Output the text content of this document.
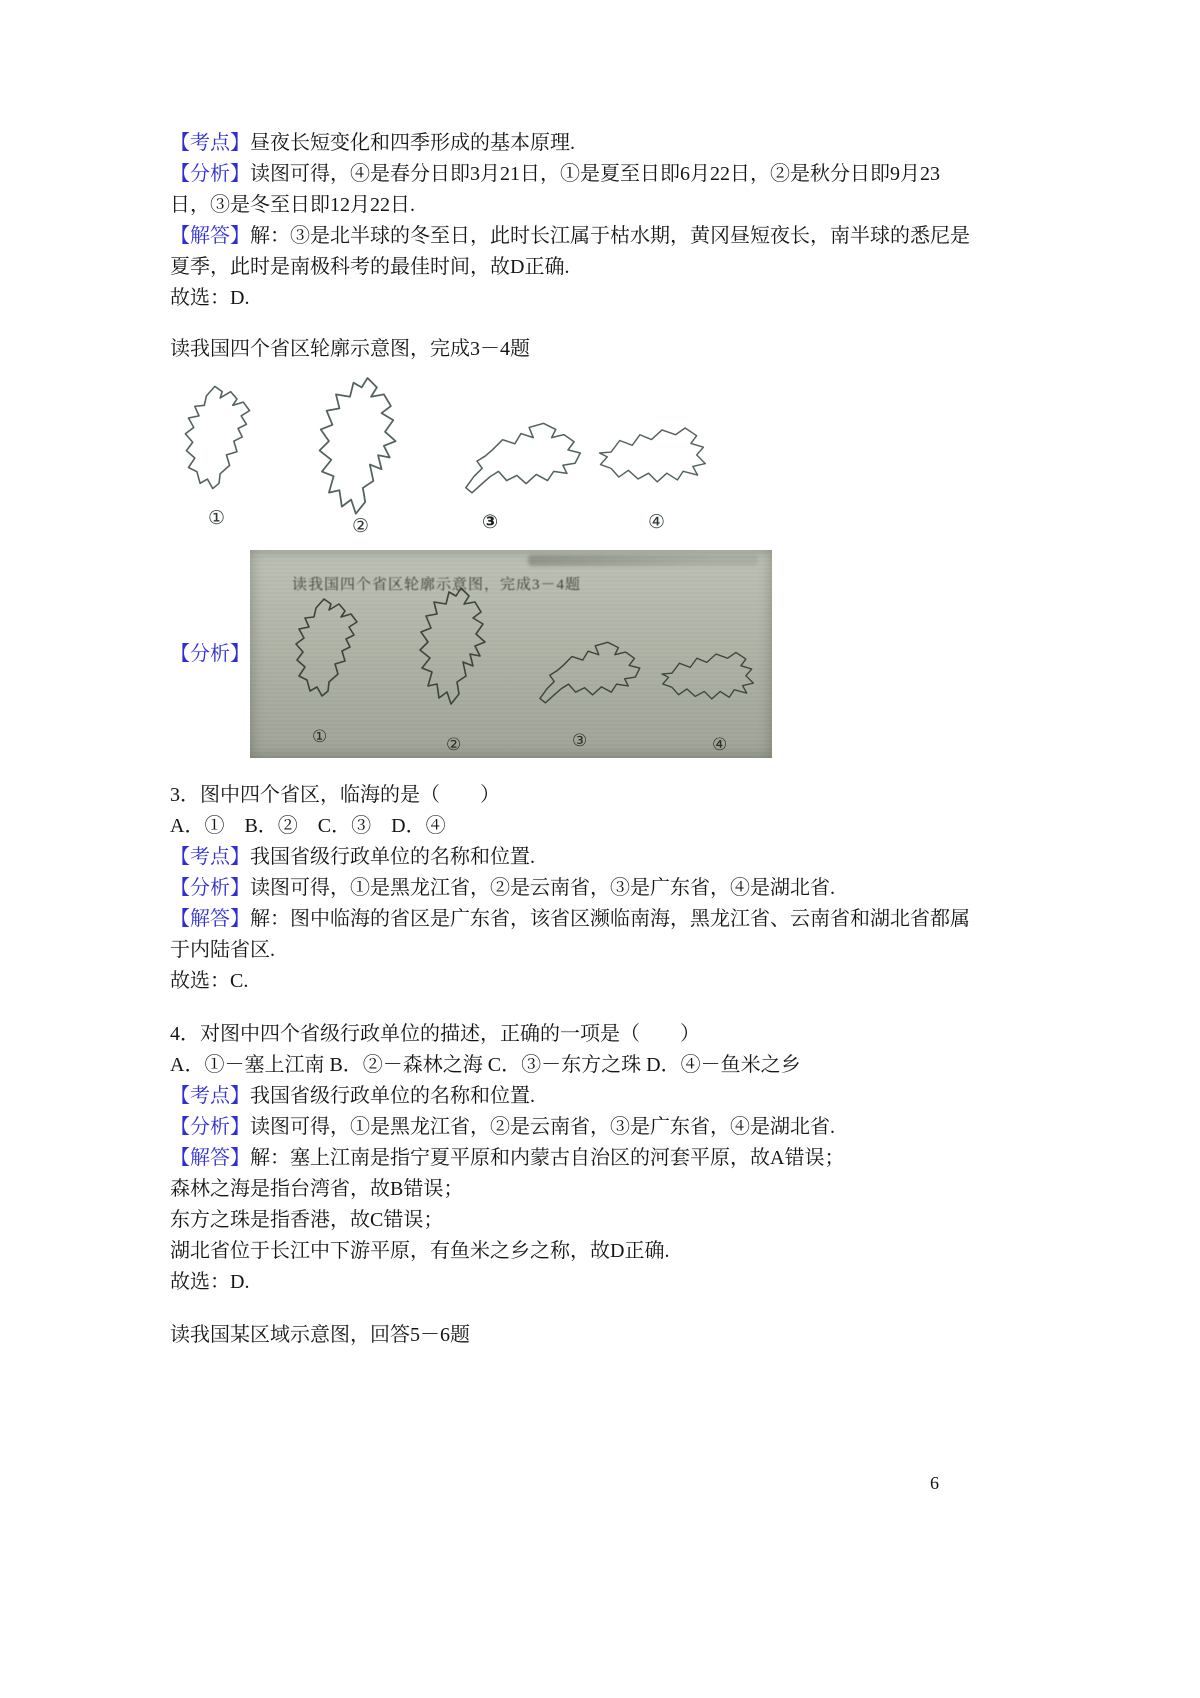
【考点】昼夜长短变化和四季形成的基本原理.

【分析】读图可得，④是春分日即3月21日，①是夏至日即6月22日，②是秋分日即9月23日，③是冬至日即12月22日.

【解答】解：③是北半球的冬至日，此时长江属于枯水期，黄冈昼短夜长，南半球的悉尼是夏季，此时是南极科考的最佳时间，故D正确.

故选：D.

读我国四个省区轮廓示意图，完成3－4题

①	②	③	④
【分析】
读我国四个省区轮廓示意图，完成3－4题
①	②	③	④

3．图中四个省区，临海的是（　　）

A．①　B．②　C．③　D．④

【考点】我国省级行政单位的名称和位置.

【分析】读图可得，①是黑龙江省，②是云南省，③是广东省，④是湖北省.

【解答】解：图中临海的省区是广东省，该省区濒临南海，黑龙江省、云南省和湖北省都属于内陆省区.

故选：C.

4．对图中四个省级行政单位的描述，正确的一项是（　　）

A．①－塞上江南 B．②－森林之海 C．③－东方之珠 D．④－鱼米之乡

【考点】我国省级行政单位的名称和位置.

【分析】读图可得，①是黑龙江省，②是云南省，③是广东省，④是湖北省.

【解答】解：塞上江南是指宁夏平原和内蒙古自治区的河套平原，故A错误；

森林之海是指台湾省，故B错误；

东方之珠是指香港，故C错误；

湖北省位于长江中下游平原，有鱼米之乡之称，故D正确.

故选：D.

读我国某区域示意图，回答5－6题

6
